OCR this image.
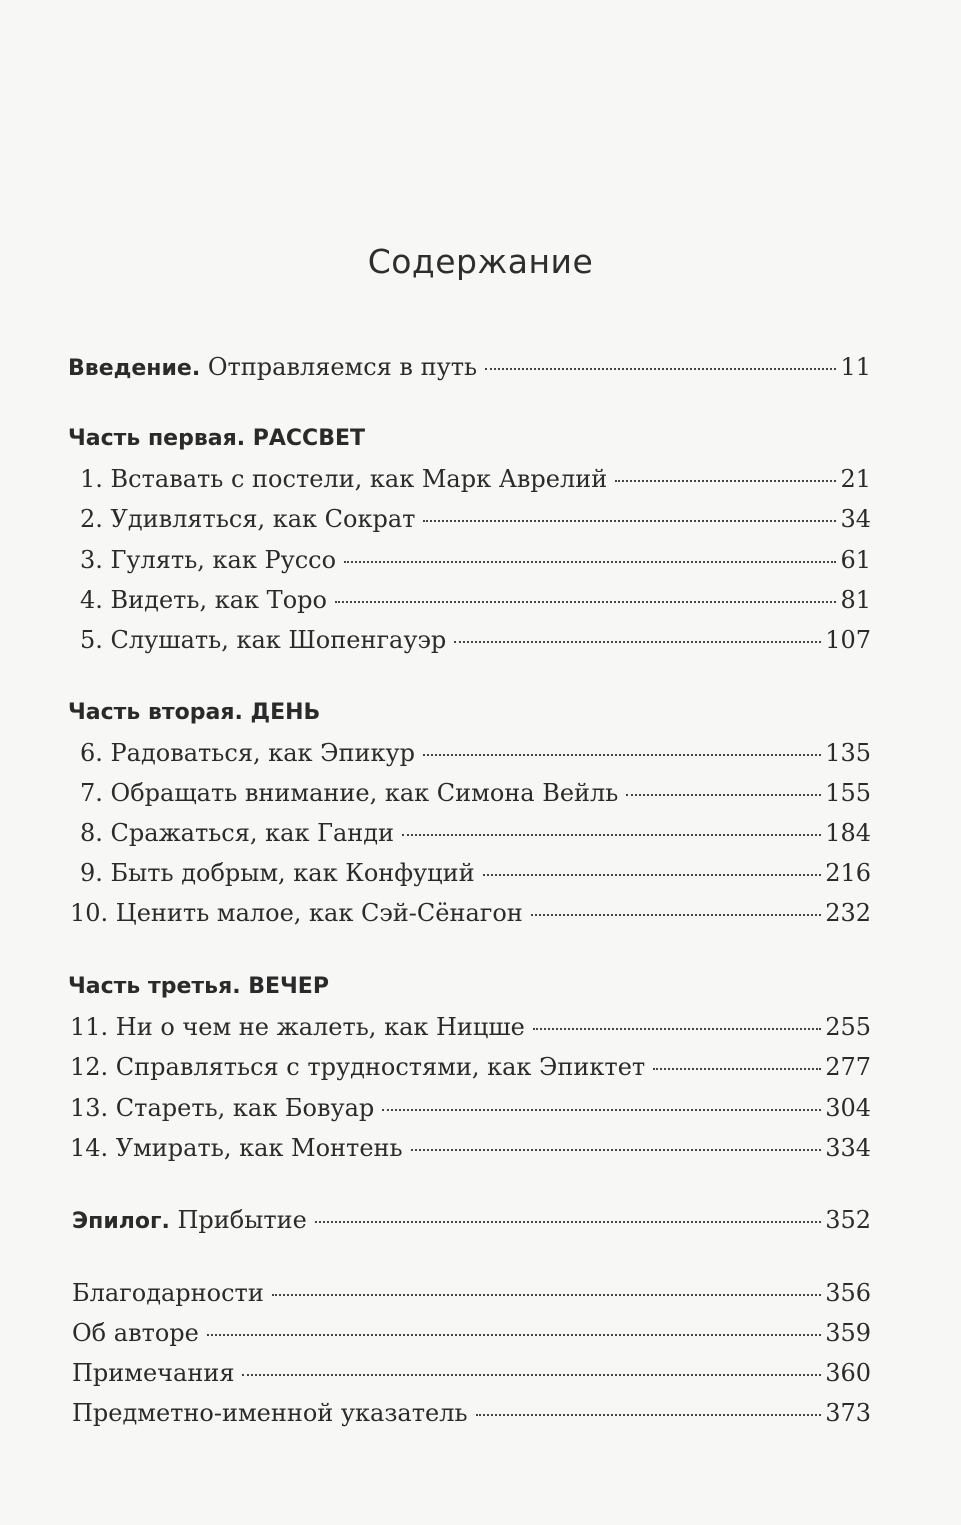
Содержание
Введение. Отправляемся в путь	11
Часть первая. РАССВЕТ
1. Вставать с постели, как Марк Аврелий	21
2. Удивляться, как Сократ	34
3. Гулять, как Руссо	61
4. Видеть, как Торо	81
5. Слушать, как Шопенгауэр	107
Часть вторая. ДЕНЬ
6. Радоваться, как Эпикур	135
7. Обращать внимание, как Симона Вейль	155
8. Сражаться, как Ганди	184
9. Быть добрым, как Конфуций	216
10. Ценить малое, как Сэй-Сёнагон	232
Часть третья. ВЕЧЕР
11. Ни о чем не жалеть, как Ницше	255
12. Справляться с трудностями, как Эпиктет	277
13. Стареть, как Бовуар	304
14. Умирать, как Монтень	334
Эпилог. Прибытие	352
Благодарности	356
Об авторе	359
Примечания	360
Предметно-именной указатель	373
